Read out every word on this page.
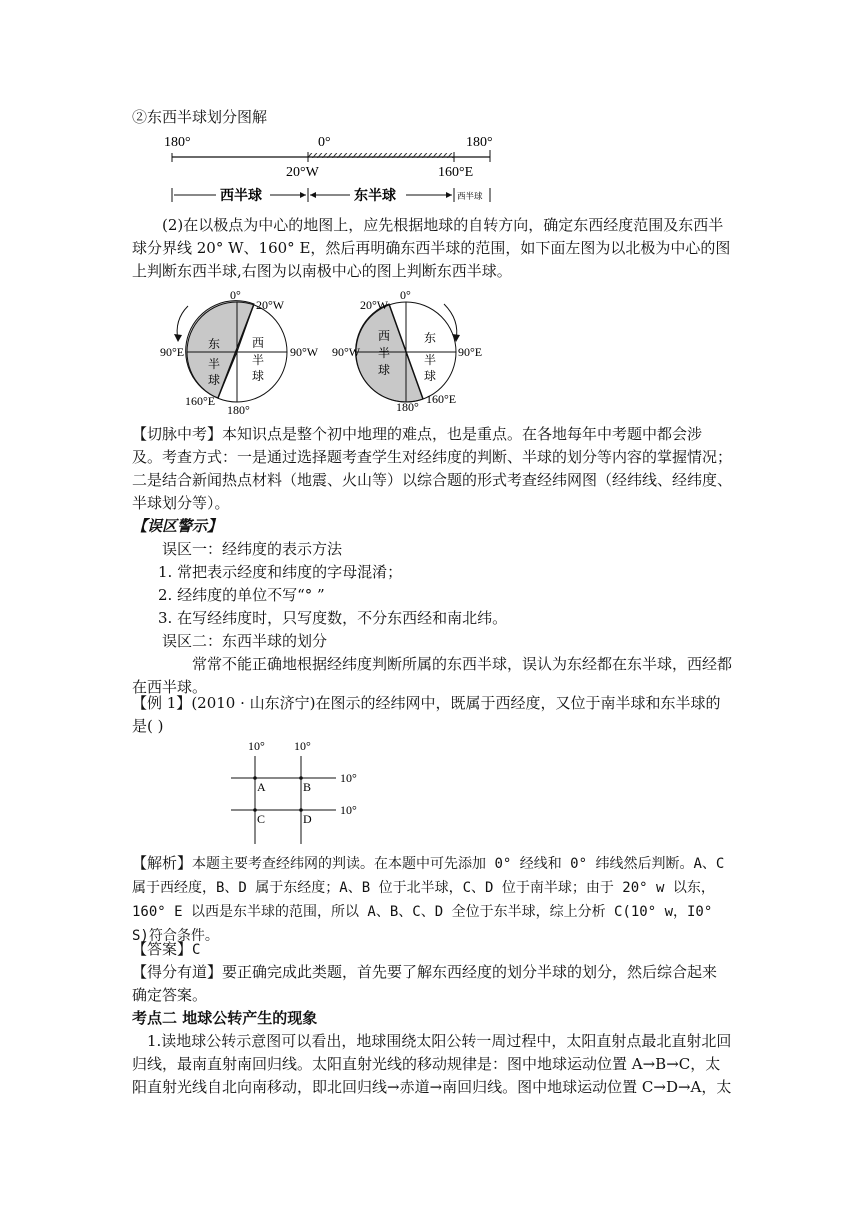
②东西半球划分图解
180°	0°	180°
20°W	160°E
西半球	东半球	西半球
(2)在以极点为中心的地图上，应先根据地球的自转方向，确定东西经度范围及东西半球分界线 20° W、160° E，然后再明确东西半球的范围，如下面左图为以北极为中心的图上判断东西半球,右图为以南极中心的图上判断东西半球。
0°
20°W
90°E	90°W
160°E
180°
东
半
球
西
半
球
20°W
0°
90°W	90°E
180°
160°E
西
半
球
东
半
球
【切脉中考】本知识点是整个初中地理的难点，也是重点。在各地每年中考题中都会涉及。考查方式：一是通过选择题考查学生对经纬度的判断、半球的划分等内容的掌握情况；二是结合新闻热点材料（地震、火山等）以综合题的形式考查经纬网图（经纬线、经纬度、半球划分等）。
【误区警示】
误区一：经纬度的表示方法
1. 常把表示经度和纬度的字母混淆；
2. 经纬度的单位不写“° ”
3. 在写经纬度时，只写度数，不分东西经和南北纬。
误区二：东西半球的划分
常常不能正确地根据经纬度判断所属的东西半球，误认为东经都在东半球，西经都在西半球。
【例 1】(2010 · 山东济宁)在图示的经纬网中，既属于西经度，又位于南半球和东半球的是( )
10° 10°
10°
10°
A	B
C	D
【解析】本题主要考查经纬网的判读。在本题中可先添加 0° 经线和 0° 纬线然后判断。A、C 属于西经度，B、D 属于东经度；A、B 位于北半球，C、D 位于南半球；由于 20° w 以东，160° E 以西是东半球的范围，所以 A、B、C、D 全位于东半球，综上分析 C(10° w，I0° S)符合条件。
【答案】C
【得分有道】要正确完成此类题，首先要了解东西经度的划分半球的划分，然后综合起来确定答案。
考点二 地球公转产生的现象
1.读地球公转示意图可以看出，地球围绕太阳公转一周过程中，太阳直射点最北直射北回归线，最南直射南回归线。太阳直射光线的移动规律是：图中地球运动位置 A→B→C，太阳直射光线自北向南移动，即北回归线→赤道→南回归线。图中地球运动位置 C→D→A，太
